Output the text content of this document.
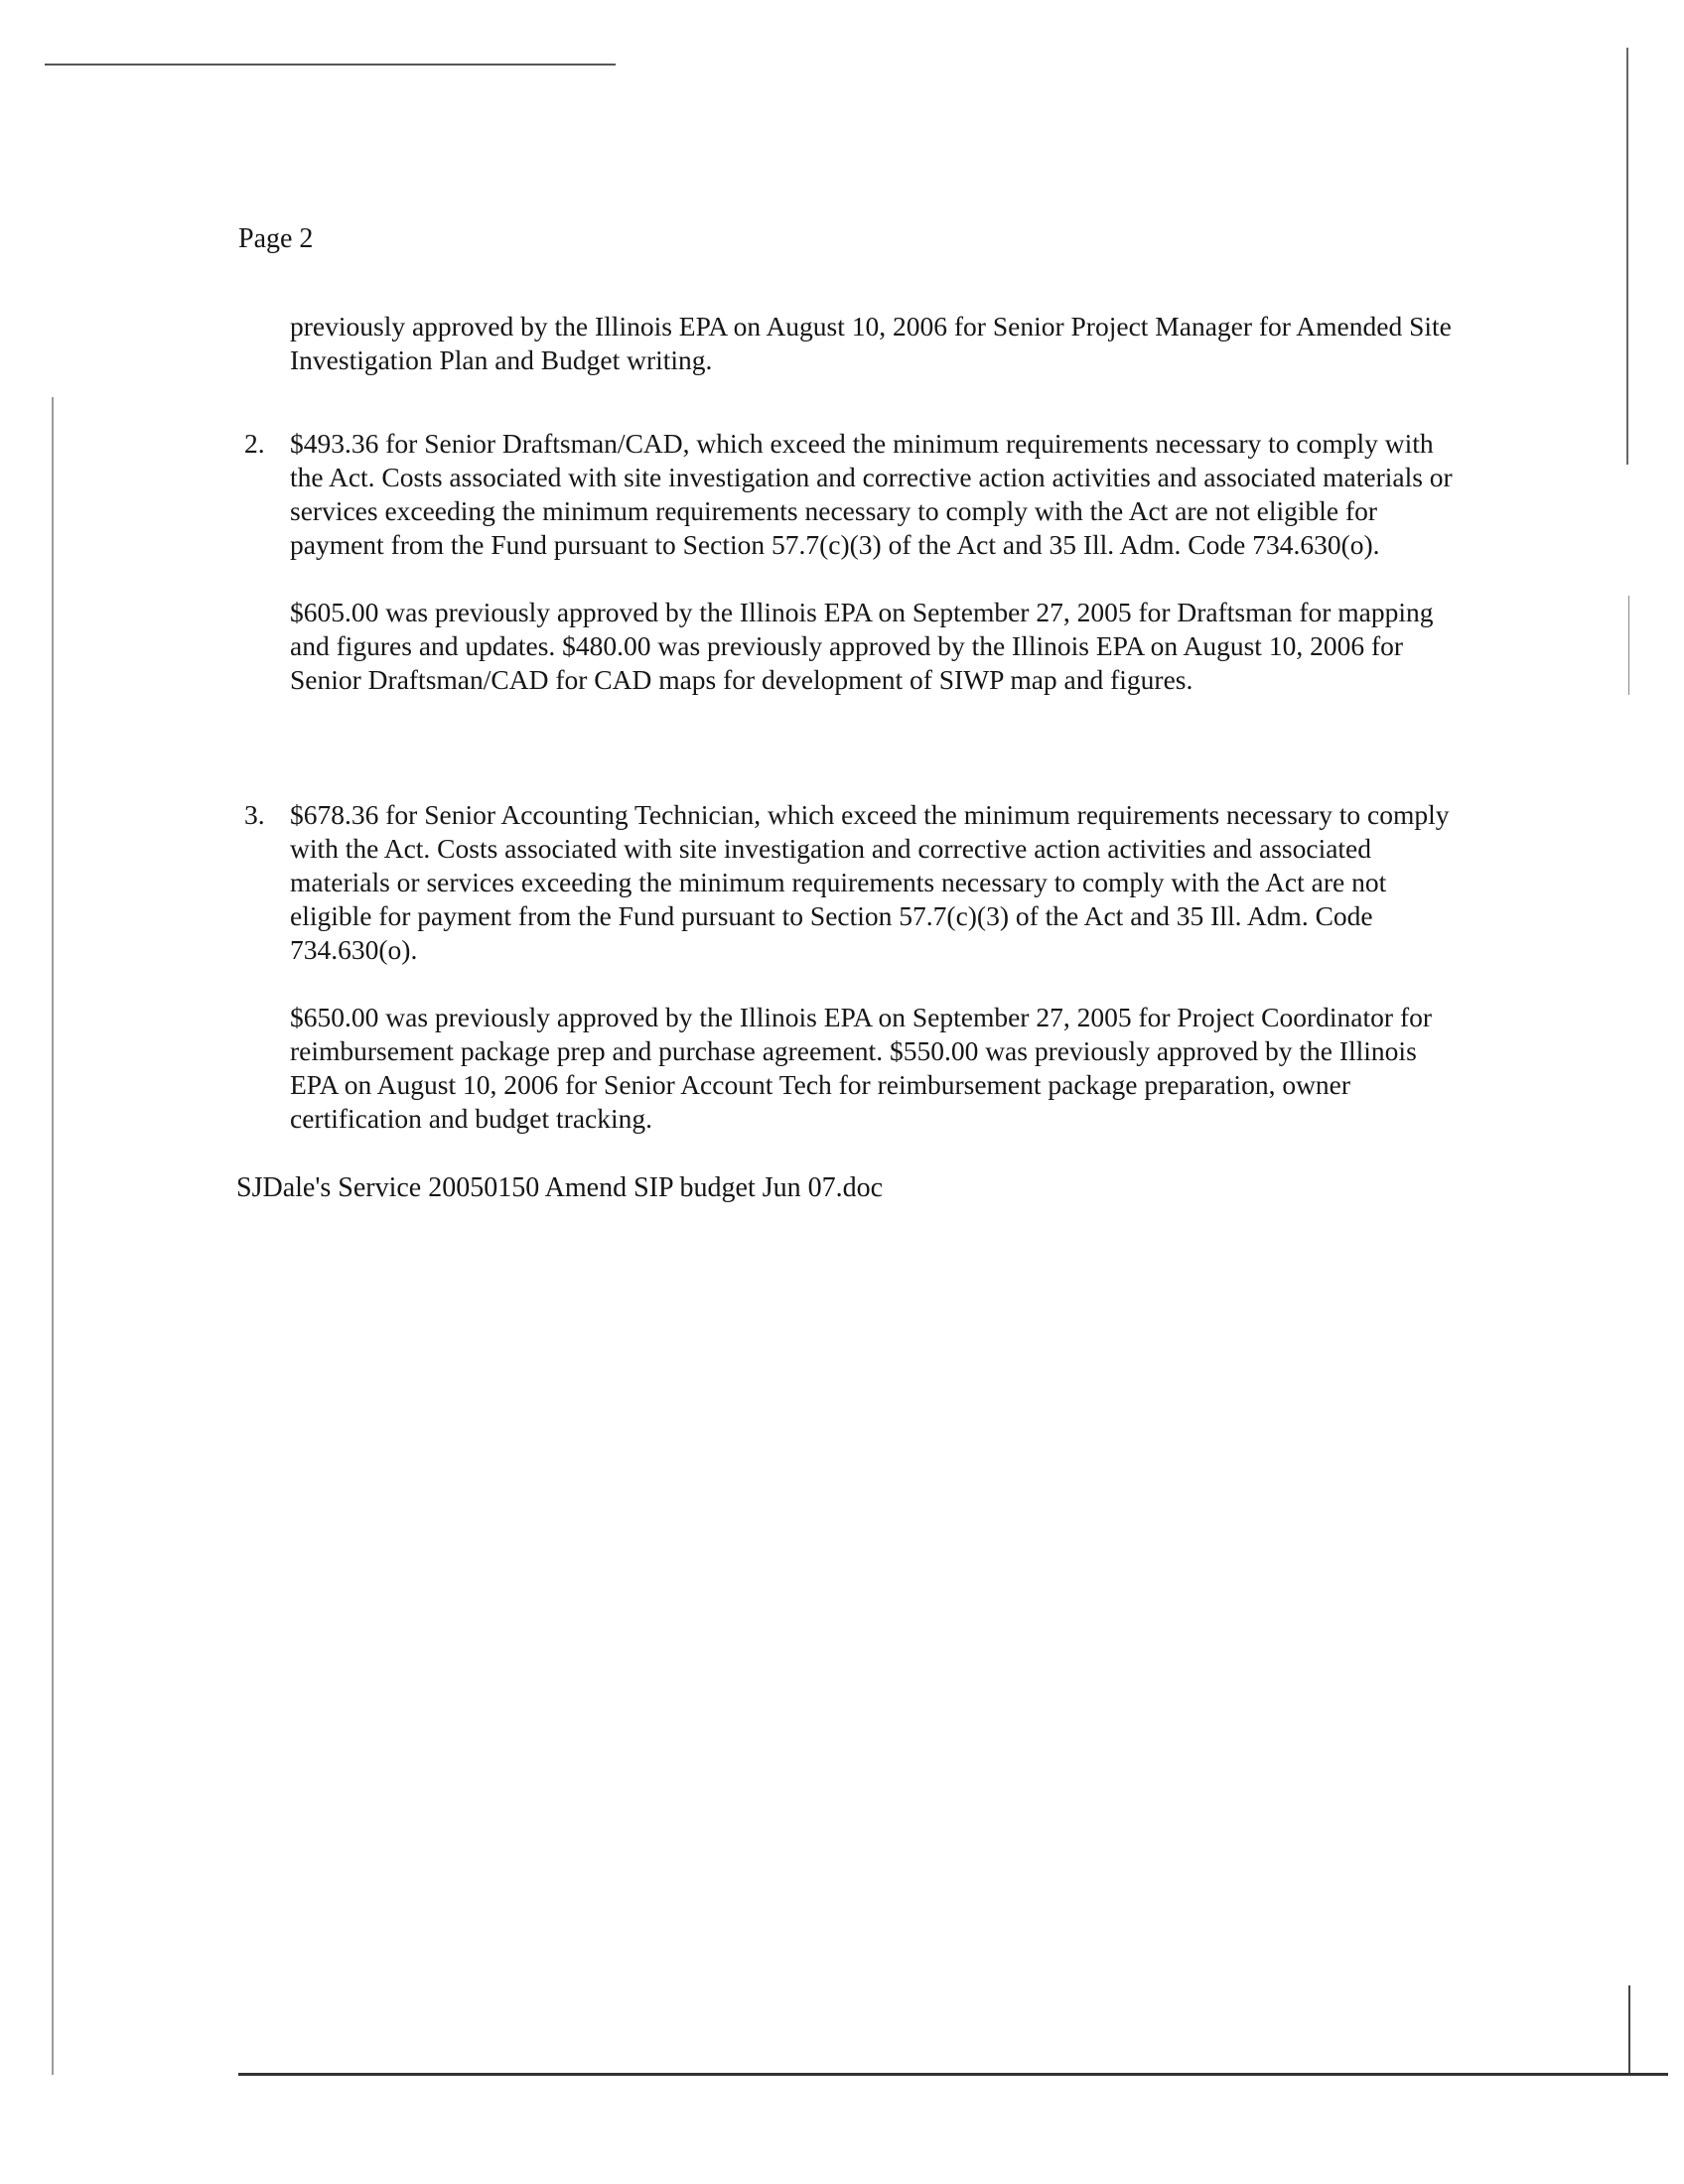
Page 2

previously approved by the Illinois EPA on August 10, 2006 for Senior Project Manager for Amended Site Investigation Plan and Budget writing.

2. $493.36 for Senior Draftsman/CAD, which exceed the minimum requirements necessary to comply with the Act. Costs associated with site investigation and corrective action activities and associated materials or services exceeding the minimum requirements necessary to comply with the Act are not eligible for payment from the Fund pursuant to Section 57.7(c)(3) of the Act and 35 Ill. Adm. Code 734.630(o).

$605.00 was previously approved by the Illinois EPA on September 27, 2005 for Draftsman for mapping and figures and updates. $480.00 was previously approved by the Illinois EPA on August 10, 2006 for Senior Draftsman/CAD for CAD maps for development of SIWP map and figures.

3. $678.36 for Senior Accounting Technician, which exceed the minimum requirements necessary to comply with the Act. Costs associated with site investigation and corrective action activities and associated materials or services exceeding the minimum requirements necessary to comply with the Act are not eligible for payment from the Fund pursuant to Section 57.7(c)(3) of the Act and 35 Ill. Adm. Code 734.630(o).

$650.00 was previously approved by the Illinois EPA on September 27, 2005 for Project Coordinator for reimbursement package prep and purchase agreement. $550.00 was previously approved by the Illinois EPA on August 10, 2006 for Senior Account Tech for reimbursement package preparation, owner certification and budget tracking.

SJDale's Service 20050150 Amend SIP budget Jun 07.doc
